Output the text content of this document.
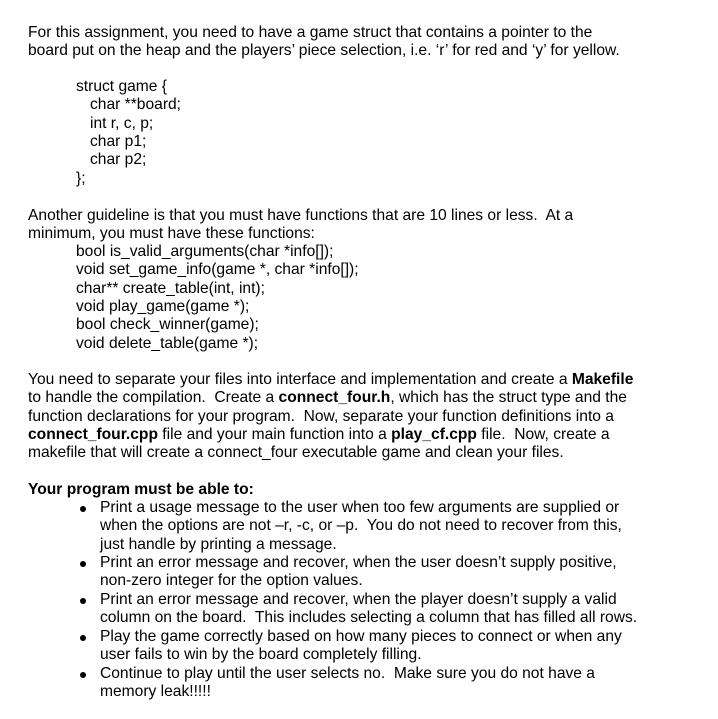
For this assignment, you need to have a game struct that contains a pointer to the
board put on the heap and the players’ piece selection, i.e. ‘r’ for red and ‘y’ for yellow.
struct game {
char **board;
int r, c, p;
char p1;
char p2;
};
Another guideline is that you must have functions that are 10 lines or less.  At a
minimum, you must have these functions:
bool is_valid_arguments(char *info[]);
void set_game_info(game *, char *info[]);
char** create_table(int, int);
void play_game(game *);
bool check_winner(game);
void delete_table(game *);
You need to separate your files into interface and implementation and create a Makefile
to handle the compilation.  Create a connect_four.h, which has the struct type and the
function declarations for your program.  Now, separate your function definitions into a
connect_four.cpp file and your main function into a play_cf.cpp file.  Now, create a
makefile that will create a connect_four executable game and clean your files.
Your program must be able to:
Print a usage message to the user when too few arguments are supplied or
when the options are not –r, -c, or –p.  You do not need to recover from this,
just handle by printing a message.
Print an error message and recover, when the user doesn’t supply positive,
non-zero integer for the option values.
Print an error message and recover, when the player doesn’t supply a valid
column on the board.  This includes selecting a column that has filled all rows.
Play the game correctly based on how many pieces to connect or when any
user fails to win by the board completely filling.
Continue to play until the user selects no.  Make sure you do not have a
memory leak!!!!!
